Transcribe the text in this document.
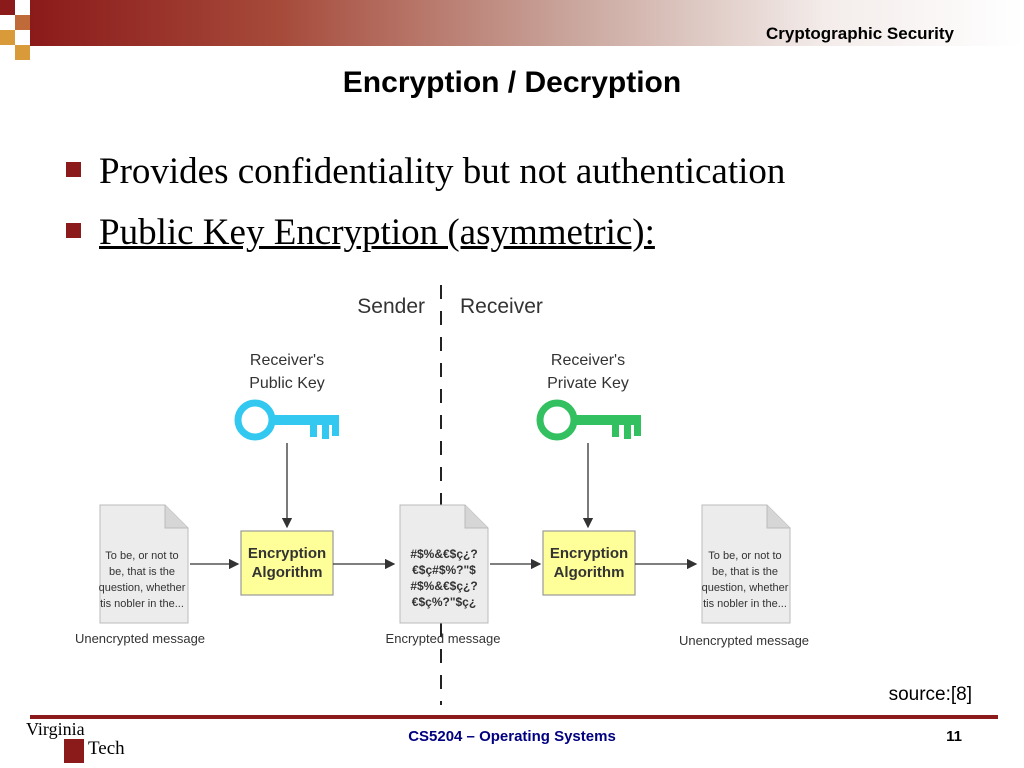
Cryptographic Security
Encryption / Decryption
Provides confidentiality but not authentication
Public Key Encryption (asymmetric):
Sender Receiver
Receiver's
Public Key
Receiver's
Private Key
To be, or not to
be, that is the
question, whether
tis nobler in the...
Unencrypted message
Encryption
Algorithm
#$%&€$ç¿?
€$ç#$%?"$
#$%&€$ç¿?
€$ç%?"$ç¿
Encrypted message
Encryption
Algorithm
To be, or not to
be, that is the
question, whether
tis nobler in the...
Unencrypted message
source:[8]
Virginia
Tech
CS5204 – Operating Systems	11
